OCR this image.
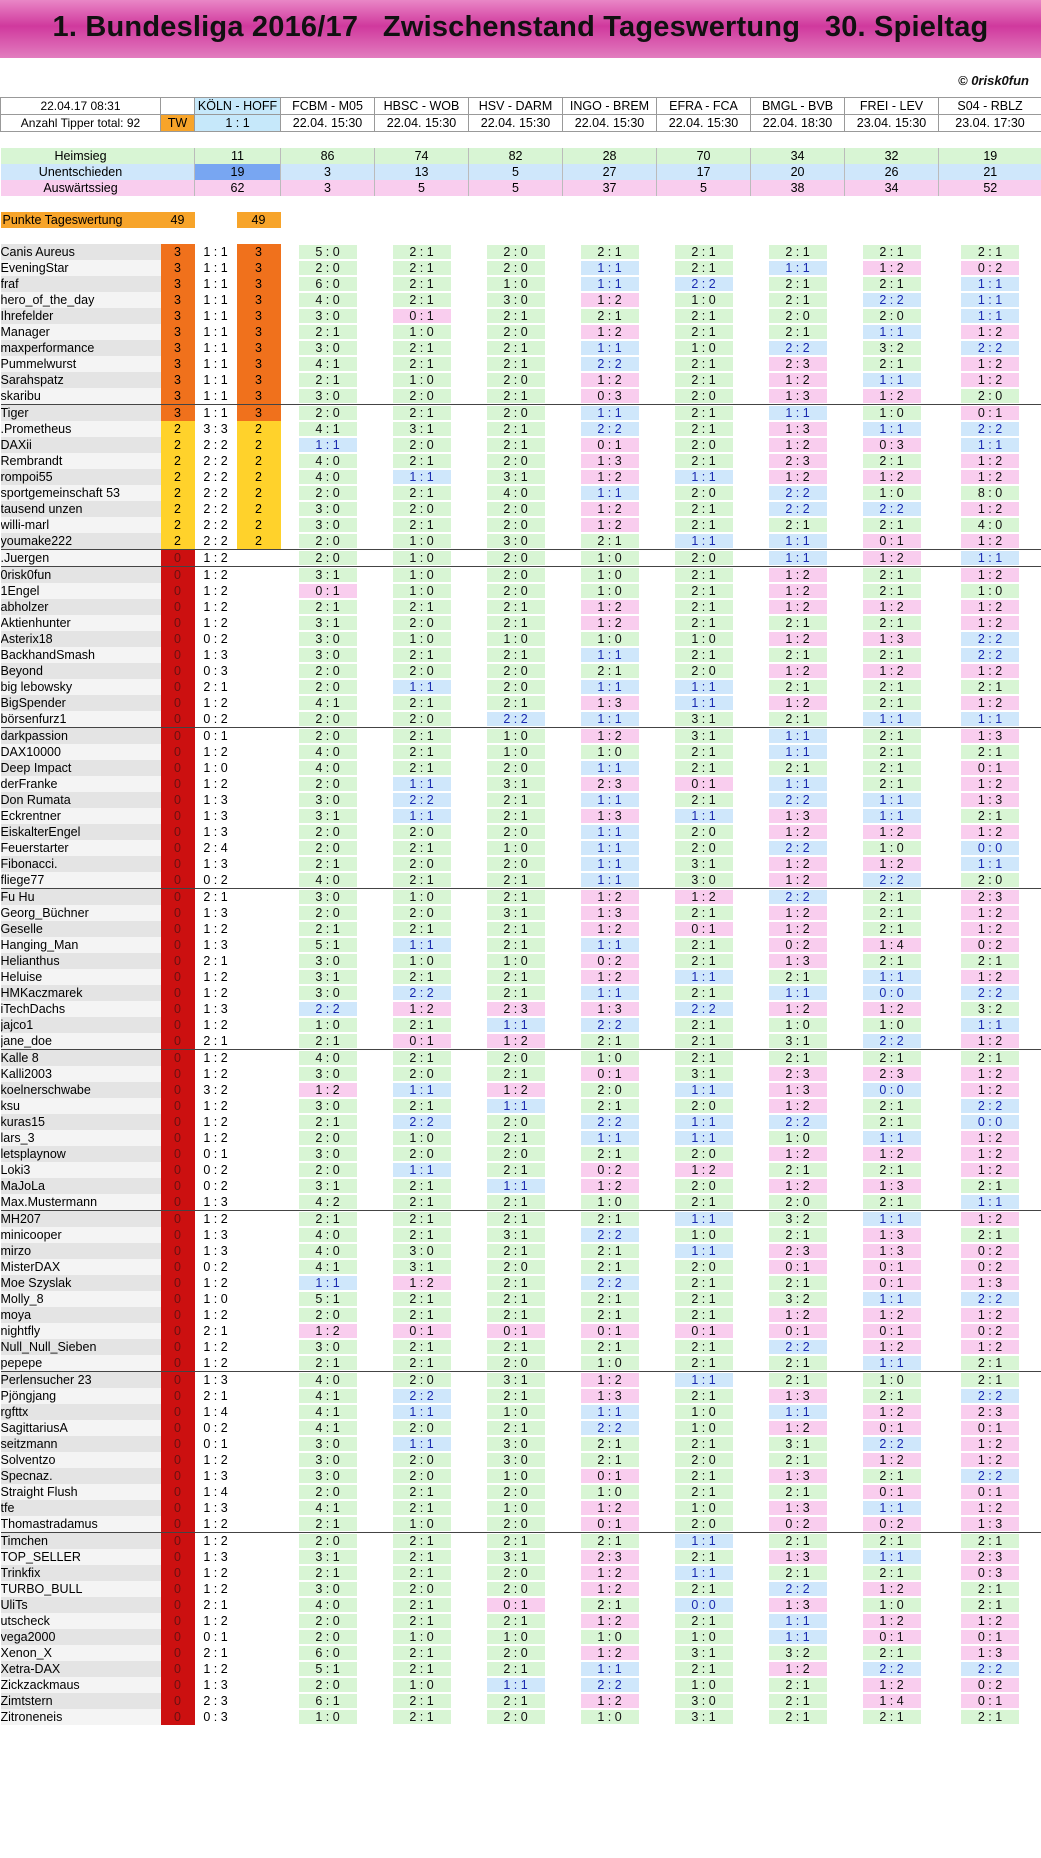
1. Bundesliga 2016/17   Zwischenstand Tageswertung   30. Spieltag
© 0risk0fun
22.04.17 08:31		KÖLN - HOFF		FCBM - M05	HBSC - WOB	HSV - DARM	INGO - BREM	EFRA - FCA	BMGL - BVB	FREI - LEV	S04 - RBLZ
Anzahl Tipper total: 92	TW	1 : 1		22.04. 15:30	22.04. 15:30	22.04. 15:30	22.04. 15:30	22.04. 15:30	22.04. 18:30	23.04. 15:30	23.04. 17:30

Heimsieg		11		86	74	82	28	70	34	32	19
Unentschieden		19		3	13	5	27	17	20	26	21
Auswärtssieg		62		3	5	5	37	5	38	34	52

Punkte Tageswertung	49		49								

Canis Aureus	3	1 : 1	3	5 : 0	2 : 1	2 : 0	2 : 1	2 : 1	2 : 1	2 : 1	2 : 1
EveningStar	3	1 : 1	3	2 : 0	2 : 1	2 : 0	1 : 1	2 : 1	1 : 1	1 : 2	0 : 2
fraf	3	1 : 1	3	6 : 0	2 : 1	1 : 0	1 : 1	2 : 2	2 : 1	2 : 1	1 : 1
hero_of_the_day	3	1 : 1	3	4 : 0	2 : 1	3 : 0	1 : 2	1 : 0	2 : 1	2 : 2	1 : 1
Ihrefelder	3	1 : 1	3	3 : 0	0 : 1	2 : 1	2 : 1	2 : 1	2 : 0	2 : 0	1 : 1
Manager	3	1 : 1	3	2 : 1	1 : 0	2 : 0	1 : 2	2 : 1	2 : 1	1 : 1	1 : 2
maxperformance	3	1 : 1	3	3 : 0	2 : 1	2 : 1	1 : 1	1 : 0	2 : 2	3 : 2	2 : 2
Pummelwurst	3	1 : 1	3	4 : 1	2 : 1	2 : 1	2 : 2	2 : 1	2 : 3	2 : 1	1 : 2
Sarahspatz	3	1 : 1	3	2 : 1	1 : 0	2 : 0	1 : 2	2 : 1	1 : 2	1 : 1	1 : 2
skaribu	3	1 : 1	3	3 : 0	2 : 0	2 : 1	0 : 3	2 : 0	1 : 3	1 : 2	2 : 0
Tiger	3	1 : 1	3	2 : 0	2 : 1	2 : 0	1 : 1	2 : 1	1 : 1	1 : 0	0 : 1
.Prometheus	2	3 : 3	2	4 : 1	3 : 1	2 : 1	2 : 2	2 : 1	1 : 3	1 : 1	2 : 2
DAXii	2	2 : 2	2	1 : 1	2 : 0	2 : 1	0 : 1	2 : 0	1 : 2	0 : 3	1 : 1
Rembrandt	2	2 : 2	2	4 : 0	2 : 1	2 : 0	1 : 3	2 : 1	2 : 3	2 : 1	1 : 2
rompoi55	2	2 : 2	2	4 : 0	1 : 1	3 : 1	1 : 2	1 : 1	1 : 2	1 : 2	1 : 2
sportgemeinschaft 53	2	2 : 2	2	2 : 0	2 : 1	4 : 0	1 : 1	2 : 0	2 : 2	1 : 0	8 : 0
tausend unzen	2	2 : 2	2	3 : 0	2 : 0	2 : 0	1 : 2	2 : 1	2 : 2	2 : 2	1 : 2
willi-marl	2	2 : 2	2	3 : 0	2 : 1	2 : 0	1 : 2	2 : 1	2 : 1	2 : 1	4 : 0
youmake222	2	2 : 2	2	2 : 0	1 : 0	3 : 0	2 : 1	1 : 1	1 : 1	0 : 1	1 : 2
.Juergen	0	1 : 2		2 : 0	1 : 0	2 : 0	1 : 0	2 : 0	1 : 1	1 : 2	1 : 1
0risk0fun	0	1 : 2		3 : 1	1 : 0	2 : 0	1 : 0	2 : 1	1 : 2	2 : 1	1 : 2
1Engel	0	1 : 2		0 : 1	1 : 0	2 : 0	1 : 0	2 : 1	1 : 2	2 : 1	1 : 0
abholzer	0	1 : 2		2 : 1	2 : 1	2 : 1	1 : 2	2 : 1	1 : 2	1 : 2	1 : 2
Aktienhunter	0	1 : 2		3 : 1	2 : 0	2 : 1	1 : 2	2 : 1	2 : 1	2 : 1	1 : 2
Asterix18	0	0 : 2		3 : 0	1 : 0	1 : 0	1 : 0	1 : 0	1 : 2	1 : 3	2 : 2
BackhandSmash	0	1 : 3		3 : 0	2 : 1	2 : 1	1 : 1	2 : 1	2 : 1	2 : 1	2 : 2
Beyond	0	0 : 3		2 : 0	2 : 0	2 : 0	2 : 1	2 : 0	1 : 2	1 : 2	1 : 2
big lebowsky	0	2 : 1		2 : 0	1 : 1	2 : 0	1 : 1	1 : 1	2 : 1	2 : 1	2 : 1
BigSpender	0	1 : 2		4 : 1	2 : 1	2 : 1	1 : 3	1 : 1	1 : 2	2 : 1	1 : 2
börsenfurz1	0	0 : 2		2 : 0	2 : 0	2 : 2	1 : 1	3 : 1	2 : 1	1 : 1	1 : 1
darkpassion	0	0 : 1		2 : 0	2 : 1	1 : 0	1 : 2	3 : 1	1 : 1	2 : 1	1 : 3
DAX10000	0	1 : 2		4 : 0	2 : 1	1 : 0	1 : 0	2 : 1	1 : 1	2 : 1	2 : 1
Deep Impact	0	1 : 0		4 : 0	2 : 1	2 : 0	1 : 1	2 : 1	2 : 1	2 : 1	0 : 1
derFranke	0	1 : 2		2 : 0	1 : 1	3 : 1	2 : 3	0 : 1	1 : 1	2 : 1	1 : 2
Don Rumata	0	1 : 3		3 : 0	2 : 2	2 : 1	1 : 1	2 : 1	2 : 2	1 : 1	1 : 3
Eckrentner	0	1 : 3		3 : 1	1 : 1	2 : 1	1 : 3	1 : 1	1 : 3	1 : 1	2 : 1
EiskalterEngel	0	1 : 3		2 : 0	2 : 0	2 : 0	1 : 1	2 : 0	1 : 2	1 : 2	1 : 2
Feuerstarter	0	2 : 4		2 : 0	2 : 1	1 : 0	1 : 1	2 : 0	2 : 2	1 : 0	0 : 0
Fibonacci.	0	1 : 3		2 : 1	2 : 0	2 : 0	1 : 1	3 : 1	1 : 2	1 : 2	1 : 1
fliege77	0	0 : 2		4 : 0	2 : 1	2 : 1	1 : 1	3 : 0	1 : 2	2 : 2	2 : 0
Fu Hu	0	2 : 1		3 : 0	1 : 0	2 : 1	1 : 2	1 : 2	2 : 2	2 : 1	2 : 3
Georg_Büchner	0	1 : 3		2 : 0	2 : 0	3 : 1	1 : 3	2 : 1	1 : 2	2 : 1	1 : 2
Geselle	0	1 : 2		2 : 1	2 : 1	2 : 1	1 : 2	0 : 1	1 : 2	2 : 1	1 : 2
Hanging_Man	0	1 : 3		5 : 1	1 : 1	2 : 1	1 : 1	2 : 1	0 : 2	1 : 4	0 : 2
Helianthus	0	2 : 1		3 : 0	1 : 0	1 : 0	0 : 2	2 : 1	1 : 3	2 : 1	2 : 1
Heluise	0	1 : 2		3 : 1	2 : 1	2 : 1	1 : 2	1 : 1	2 : 1	1 : 1	1 : 2
HMKaczmarek	0	1 : 2		3 : 0	2 : 2	2 : 1	1 : 1	2 : 1	1 : 1	0 : 0	2 : 2
iTechDachs	0	1 : 3		2 : 2	1 : 2	2 : 3	1 : 3	2 : 2	1 : 2	1 : 2	3 : 2
jajco1	0	1 : 2		1 : 0	2 : 1	1 : 1	2 : 2	2 : 1	1 : 0	1 : 0	1 : 1
jane_doe	0	2 : 1		2 : 1	0 : 1	1 : 2	2 : 1	2 : 1	3 : 1	2 : 2	1 : 2
Kalle 8	0	1 : 2		4 : 0	2 : 1	2 : 0	1 : 0	2 : 1	2 : 1	2 : 1	2 : 1
Kalli2003	0	1 : 2		3 : 0	2 : 0	2 : 1	0 : 1	3 : 1	2 : 3	2 : 3	1 : 2
koelnerschwabe	0	3 : 2		1 : 2	1 : 1	1 : 2	2 : 0	1 : 1	1 : 3	0 : 0	1 : 2
ksu	0	1 : 2		3 : 0	2 : 1	1 : 1	2 : 1	2 : 0	1 : 2	2 : 1	2 : 2
kuras15	0	1 : 2		2 : 1	2 : 2	2 : 0	2 : 2	1 : 1	2 : 2	2 : 1	0 : 0
lars_3	0	1 : 2		2 : 0	1 : 0	2 : 1	1 : 1	1 : 1	1 : 0	1 : 1	1 : 2
letsplaynow	0	0 : 1		3 : 0	2 : 0	2 : 0	2 : 1	2 : 0	1 : 2	1 : 2	1 : 2
Loki3	0	0 : 2		2 : 0	1 : 1	2 : 1	0 : 2	1 : 2	2 : 1	2 : 1	1 : 2
MaJoLa	0	0 : 2		3 : 1	2 : 1	1 : 1	1 : 2	2 : 0	1 : 2	1 : 3	2 : 1
Max.Mustermann	0	1 : 3		4 : 2	2 : 1	2 : 1	1 : 0	2 : 1	2 : 0	2 : 1	1 : 1
MH207	0	1 : 2		2 : 1	2 : 1	2 : 1	2 : 1	1 : 1	3 : 2	1 : 1	1 : 2
minicooper	0	1 : 3		4 : 0	2 : 1	3 : 1	2 : 2	1 : 0	2 : 1	1 : 3	2 : 1
mirzo	0	1 : 3		4 : 0	3 : 0	2 : 1	2 : 1	1 : 1	2 : 3	1 : 3	0 : 2
MisterDAX	0	0 : 2		4 : 1	3 : 1	2 : 0	2 : 1	2 : 0	0 : 1	0 : 1	0 : 2
Moe Szyslak	0	1 : 2		1 : 1	1 : 2	2 : 1	2 : 2	2 : 1	2 : 1	0 : 1	1 : 3
Molly_8	0	1 : 0		5 : 1	2 : 1	2 : 1	2 : 1	2 : 1	3 : 2	1 : 1	2 : 2
moya	0	1 : 2		2 : 0	2 : 1	2 : 1	2 : 1	2 : 1	1 : 2	1 : 2	1 : 2
nightfly	0	2 : 1		1 : 2	0 : 1	0 : 1	0 : 1	0 : 1	0 : 1	0 : 1	0 : 2
Null_Null_Sieben	0	1 : 2		3 : 0	2 : 1	2 : 1	2 : 1	2 : 1	2 : 2	1 : 2	1 : 2
pepepe	0	1 : 2		2 : 1	2 : 1	2 : 0	1 : 0	2 : 1	2 : 1	1 : 1	2 : 1
Perlensucher 23	0	1 : 3		4 : 0	2 : 0	3 : 1	1 : 2	1 : 1	2 : 1	1 : 0	2 : 1
Pjöngjang	0	2 : 1		4 : 1	2 : 2	2 : 1	1 : 3	2 : 1	1 : 3	2 : 1	2 : 2
rgfttx	0	1 : 4		4 : 1	1 : 1	1 : 0	1 : 1	1 : 0	1 : 1	1 : 2	2 : 3
SagittariusA	0	0 : 2		4 : 1	2 : 0	2 : 1	2 : 2	1 : 0	1 : 2	0 : 1	0 : 1
seitzmann	0	0 : 1		3 : 0	1 : 1	3 : 0	2 : 1	2 : 1	3 : 1	2 : 2	1 : 2
Solventzo	0	1 : 2		3 : 0	2 : 0	3 : 0	2 : 1	2 : 0	2 : 1	1 : 2	1 : 2
Specnaz.	0	1 : 3		3 : 0	2 : 0	1 : 0	0 : 1	2 : 1	1 : 3	2 : 1	2 : 2
Straight Flush	0	1 : 4		2 : 0	2 : 1	2 : 0	1 : 0	2 : 1	2 : 1	0 : 1	0 : 1
tfe	0	1 : 3		4 : 1	2 : 1	1 : 0	1 : 2	1 : 0	1 : 3	1 : 1	1 : 2
Thomastradamus	0	1 : 2		2 : 1	1 : 0	2 : 0	0 : 1	2 : 0	0 : 2	0 : 2	1 : 3
Timchen	0	1 : 2		2 : 0	2 : 1	2 : 1	2 : 1	1 : 1	2 : 1	2 : 1	2 : 1
TOP_SELLER	0	1 : 3		3 : 1	2 : 1	3 : 1	2 : 3	2 : 1	1 : 3	1 : 1	2 : 3
Trinkfix	0	1 : 2		2 : 1	2 : 1	2 : 0	1 : 2	1 : 1	2 : 1	2 : 1	0 : 3
TURBO_BULL	0	1 : 2		3 : 0	2 : 0	2 : 0	1 : 2	2 : 1	2 : 2	1 : 2	2 : 1
UliTs	0	2 : 1		4 : 0	2 : 1	0 : 1	2 : 1	0 : 0	1 : 3	1 : 0	2 : 1
utscheck	0	1 : 2		2 : 0	2 : 1	2 : 1	1 : 2	2 : 1	1 : 1	1 : 2	1 : 2
vega2000	0	0 : 1		2 : 0	1 : 0	1 : 0	1 : 0	1 : 0	1 : 1	0 : 1	0 : 1
Xenon_X	0	2 : 1		6 : 0	2 : 1	2 : 0	1 : 2	3 : 1	3 : 2	2 : 1	1 : 3
Xetra-DAX	0	1 : 2		5 : 1	2 : 1	2 : 1	1 : 1	2 : 1	1 : 2	2 : 2	2 : 2
Zickzackmaus	0	1 : 3		2 : 0	1 : 0	1 : 1	2 : 2	1 : 0	2 : 1	1 : 2	0 : 2
Zimtstern	0	2 : 3		6 : 1	2 : 1	2 : 1	1 : 2	3 : 0	2 : 1	1 : 4	0 : 1
Zitroneneis	0	0 : 3		1 : 0	2 : 1	2 : 0	1 : 0	3 : 1	2 : 1	2 : 1	2 : 1
